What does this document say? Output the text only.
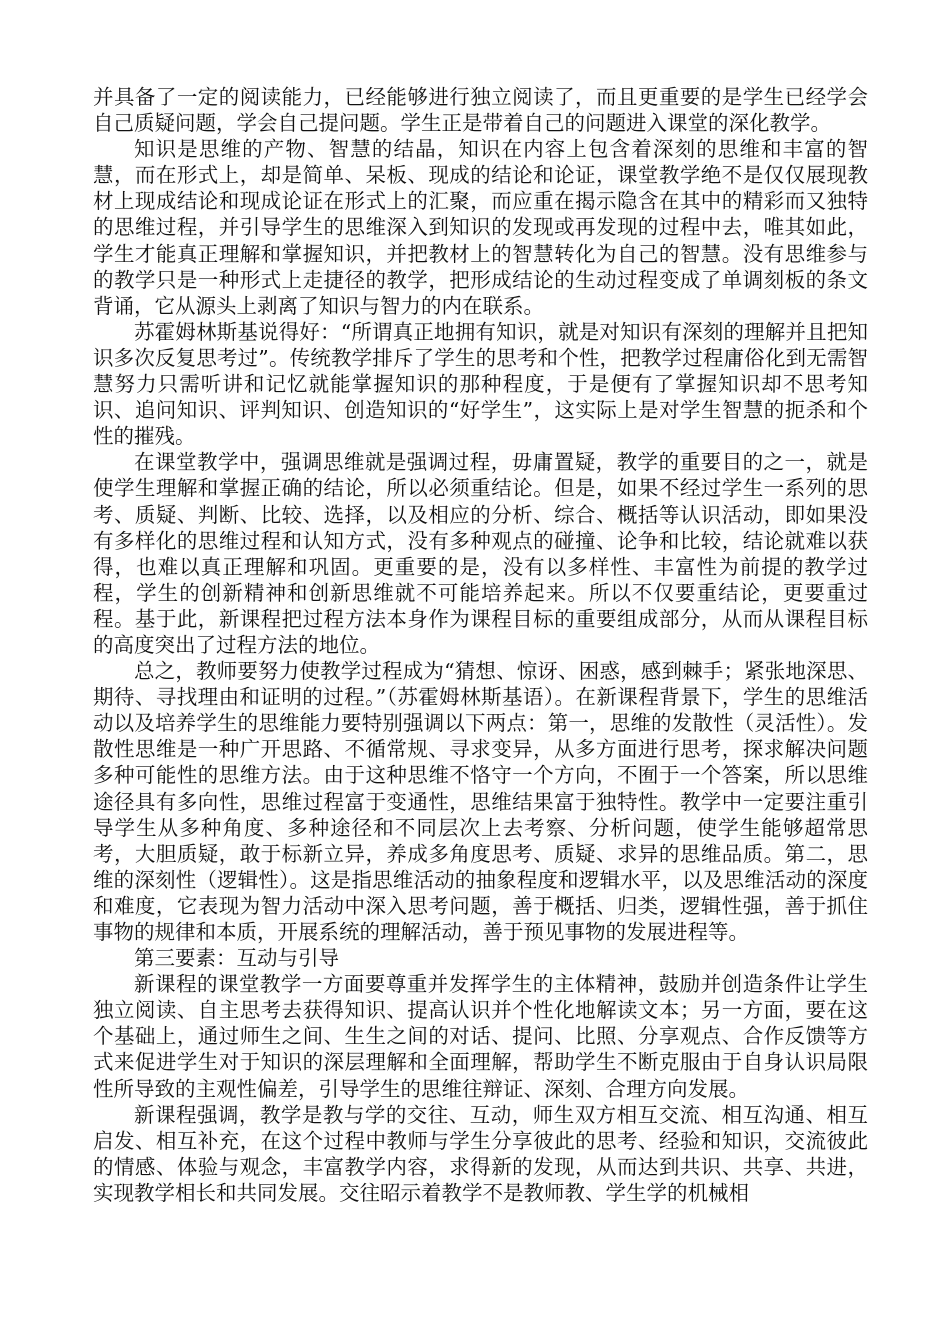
并具备了一定的阅读能力，已经能够进行独立阅读了，而且更重要的是学生已经学会自己质疑问题，学会自己提问题。学生正是带着自己的问题进入课堂的深化教学。

知识是思维的产物、智慧的结晶，知识在内容上包含着深刻的思维和丰富的智慧，而在形式上，却是简单、呆板、现成的结论和论证，课堂教学绝不是仅仅展现教材上现成结论和现成论证在形式上的汇聚，而应重在揭示隐含在其中的精彩而又独特的思维过程，并引导学生的思维深入到知识的发现或再发现的过程中去，唯其如此，学生才能真正理解和掌握知识，并把教材上的智慧转化为自己的智慧。没有思维参与的教学只是一种形式上走捷径的教学，把形成结论的生动过程变成了单调刻板的条文背诵，它从源头上剥离了知识与智力的内在联系。

苏霍姆林斯基说得好：“所谓真正地拥有知识，就是对知识有深刻的理解并且把知识多次反复思考过”。传统教学排斥了学生的思考和个性，把教学过程庸俗化到无需智慧努力只需听讲和记忆就能掌握知识的那种程度，于是便有了掌握知识却不思考知识、追问知识、评判知识、创造知识的“好学生”，这实际上是对学生智慧的扼杀和个性的摧残。

在课堂教学中，强调思维就是强调过程，毋庸置疑，教学的重要目的之一，就是使学生理解和掌握正确的结论，所以必须重结论。但是，如果不经过学生一系列的思考、质疑、判断、比较、选择，以及相应的分析、综合、概括等认识活动，即如果没有多样化的思维过程和认知方式，没有多种观点的碰撞、论争和比较，结论就难以获得，也难以真正理解和巩固。更重要的是，没有以多样性、丰富性为前提的教学过程，学生的创新精神和创新思维就不可能培养起来。所以不仅要重结论，更要重过程。基于此，新课程把过程方法本身作为课程目标的重要组成部分，从而从课程目标的高度突出了过程方法的地位。

总之，教师要努力使教学过程成为“猜想、惊讶、困惑，感到棘手；紧张地深思、期待、寻找理由和证明的过程。”（苏霍姆林斯基语）。在新课程背景下，学生的思维活动以及培养学生的思维能力要特别强调以下两点：第一，思维的发散性（灵活性）。发散性思维是一种广开思路、不循常规、寻求变异，从多方面进行思考，探求解决问题多种可能性的思维方法。由于这种思维不恪守一个方向，不囿于一个答案，所以思维途径具有多向性，思维过程富于变通性，思维结果富于独特性。教学中一定要注重引导学生从多种角度、多种途径和不同层次上去考察、分析问题，使学生能够超常思考，大胆质疑，敢于标新立异，养成多角度思考、质疑、求异的思维品质。第二，思维的深刻性（逻辑性）。这是指思维活动的抽象程度和逻辑水平，以及思维活动的深度和难度，它表现为智力活动中深入思考问题，善于概括、归类，逻辑性强，善于抓住事物的规律和本质，开展系统的理解活动，善于预见事物的发展进程等。

第三要素：互动与引导

新课程的课堂教学一方面要尊重并发挥学生的主体精神，鼓励并创造条件让学生独立阅读、自主思考去获得知识、提高认识并个性化地解读文本；另一方面，要在这个基础上，通过师生之间、生生之间的对话、提问、比照、分享观点、合作反馈等方式来促进学生对于知识的深层理解和全面理解，帮助学生不断克服由于自身认识局限性所导致的主观性偏差，引导学生的思维往辩证、深刻、合理方向发展。

新课程强调，教学是教与学的交往、互动，师生双方相互交流、相互沟通、相互启发、相互补充，在这个过程中教师与学生分享彼此的思考、经验和知识，交流彼此的情感、体验与观念，丰富教学内容，求得新的发现，从而达到共识、共享、共进，实现教学相长和共同发展。交往昭示着教学不是教师教、学生学的机械相
